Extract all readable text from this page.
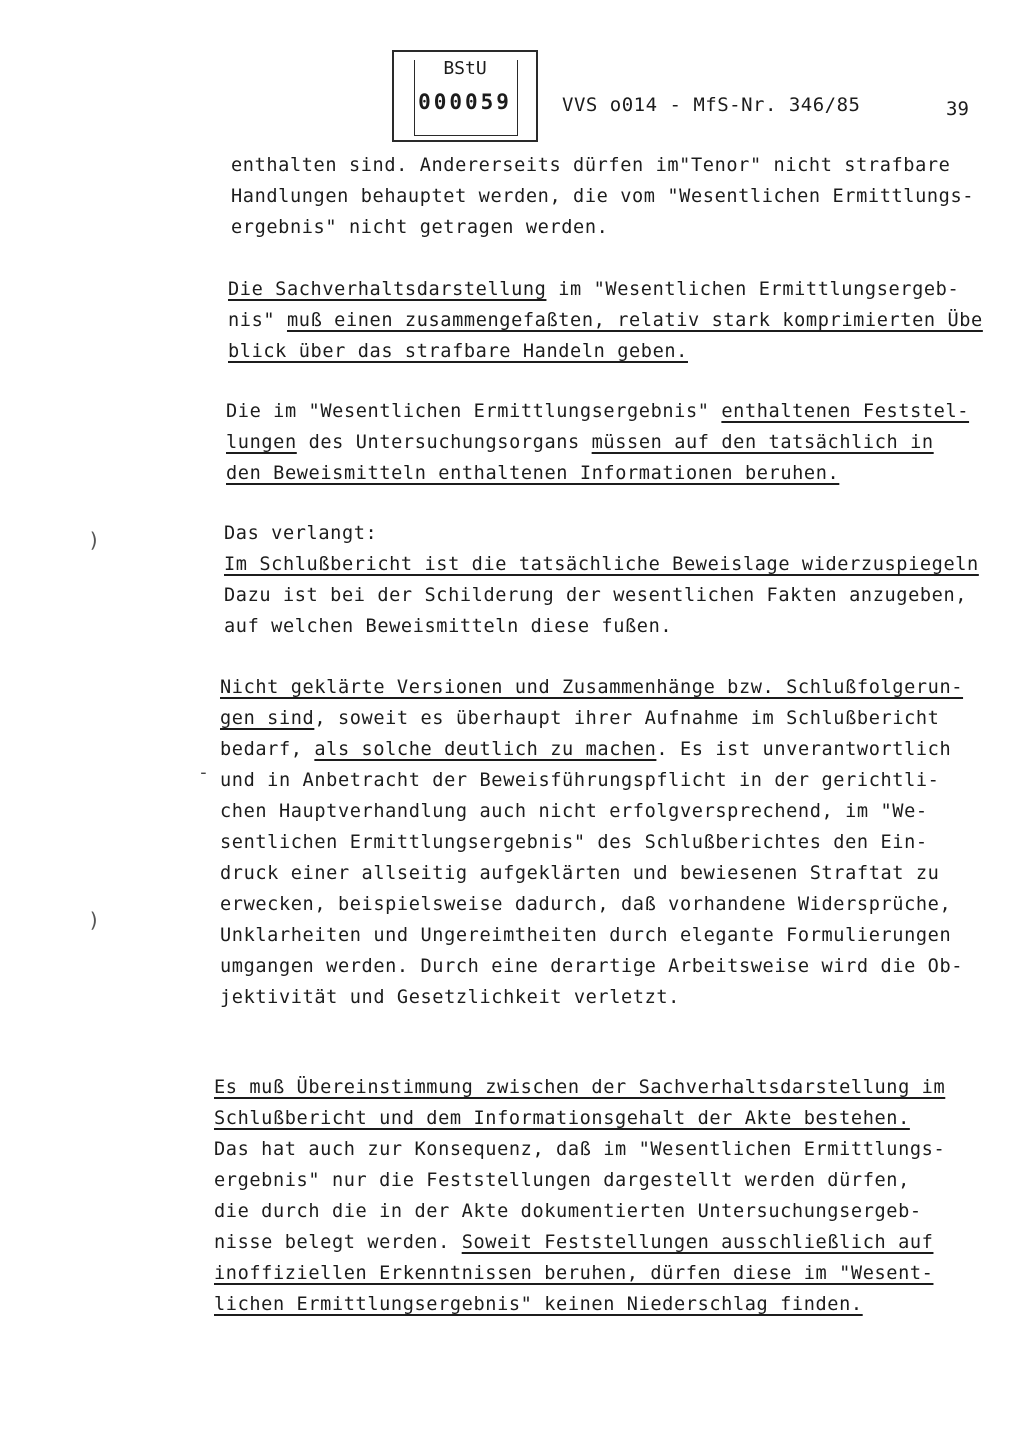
BStU
000059	VVS o014 - MfS-Nr. 346/85	39
enthalten sind. Andererseits dürfen im"Tenor" nicht strafbare
Handlungen behauptet werden, die vom "Wesentlichen Ermittlungs-
ergebnis" nicht getragen werden.
Die Sachverhaltsdarstellung im "Wesentlichen Ermittlungsergeb-
nis" muß einen zusammengefaßten, relativ stark komprimierten Übe
blick über das strafbare Handeln geben.
Die im "Wesentlichen Ermittlungsergebnis" enthaltenen Feststel-
lungen des Untersuchungsorgans müssen auf den tatsächlich in
den Beweismitteln enthaltenen Informationen beruhen.
Das verlangt:
Im Schlußbericht ist die tatsächliche Beweislage widerzuspiegeln
Dazu ist bei der Schilderung der wesentlichen Fakten anzugeben,
auf welchen Beweismitteln diese fußen.
Nicht geklärte Versionen und Zusammenhänge bzw. Schlußfolgerun-
gen sind, soweit es überhaupt ihrer Aufnahme im Schlußbericht
bedarf, als solche deutlich zu machen. Es ist unverantwortlich
und in Anbetracht der Beweisführungspflicht in der gerichtli-
chen Hauptverhandlung auch nicht erfolgversprechend, im "We-
sentlichen Ermittlungsergebnis" des Schlußberichtes den Ein-
druck einer allseitig aufgeklärten und bewiesenen Straftat zu
erwecken, beispielsweise dadurch, daß vorhandene Widersprüche,
Unklarheiten und Ungereimtheiten durch elegante Formulierungen
umgangen werden. Durch eine derartige Arbeitsweise wird die Ob-
jektivität und Gesetzlichkeit verletzt.
Es muß Übereinstimmung zwischen der Sachverhaltsdarstellung im
Schlußbericht und dem Informationsgehalt der Akte bestehen.
Das hat auch zur Konsequenz, daß im "Wesentlichen Ermittlungs-
ergebnis" nur die Feststellungen dargestellt werden dürfen,
die durch die in der Akte dokumentierten Untersuchungsergeb-
nisse belegt werden. Soweit Feststellungen ausschließlich auf
inoffiziellen Erkenntnissen beruhen, dürfen diese im "Wesent-
lichen Ermittlungsergebnis" keinen Niederschlag finden.
)
-
)
